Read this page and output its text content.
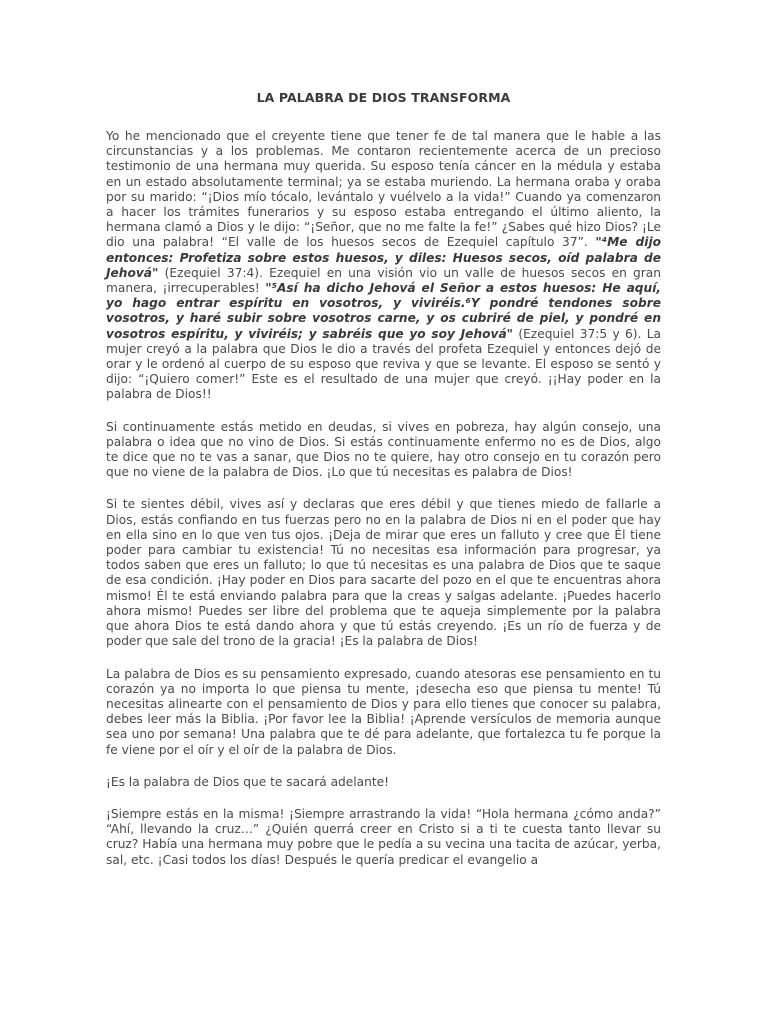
LA PALABRA DE DIOS TRANSFORMA

Yo he mencionado que el creyente tiene que tener fe de tal manera que le hable a las circunstancias y a los problemas. Me contaron recientemente acerca de un precioso testimonio de una hermana muy querida. Su esposo tenía cáncer en la médula y estaba en un estado absolutamente terminal; ya se estaba muriendo. La hermana oraba y oraba por su marido: “¡Dios mío tócalo, levántalo y vuélvelo a la vida!” Cuando ya comenzaron a hacer los trámites funerarios y su esposo estaba entregando el último aliento, la hermana clamó a Dios y le dijo: “¡Señor, que no me falte la fe!” ¿Sabes qué hizo Dios? ¡Le dio una palabra! “El valle de los huesos secos de Ezequiel capítulo 37”. "⁴Me dijo entonces: Profetiza sobre estos huesos, y diles: Huesos secos, oíd palabra de Jehová" (Ezequiel 37:4). Ezequiel en una visión vio un valle de huesos secos en gran manera, ¡irrecuperables! "⁵Así ha dicho Jehová el Señor a estos huesos: He aquí, yo hago entrar espíritu en vosotros, y viviréis.⁶Y pondré tendones sobre vosotros, y haré subir sobre vosotros carne, y os cubriré de piel, y pondré en vosotros espíritu, y viviréis; y sabréis que yo soy Jehová" (Ezequiel 37:5 y 6). La mujer creyó a la palabra que Dios le dio a través del profeta Ezequiel y entonces dejó de orar y le ordenó al cuerpo de su esposo que reviva y que se levante. El esposo se sentó y dijo: “¡Quiero comer!” Este es el resultado de una mujer que creyó. ¡¡Hay poder en la palabra de Dios!!

Si continuamente estás metido en deudas, si vives en pobreza, hay algún consejo, una palabra o idea que no vino de Dios. Si estás continuamente enfermo no es de Dios, algo te dice que no te vas a sanar, que Dios no te quiere, hay otro consejo en tu corazón pero que no viene de la palabra de Dios. ¡Lo que tú necesitas es palabra de Dios!

Si te sientes débil, vives así y declaras que eres débil y que tienes miedo de fallarle a Dios, estás confiando en tus fuerzas pero no en la palabra de Dios ni en el poder que hay en ella sino en lo que ven tus ojos. ¡Deja de mirar que eres un falluto y cree que Él tiene poder para cambiar tu existencia! Tú no necesitas esa información para progresar, ya todos saben que eres un falluto; lo que tú necesitas es una palabra de Dios que te saque de esa condición. ¡Hay poder en Dios para sacarte del pozo en el que te encuentras ahora mismo! Él te está enviando palabra para que la creas y salgas adelante. ¡Puedes hacerlo ahora mismo! Puedes ser libre del problema que te aqueja simplemente por la palabra que ahora Dios te está dando ahora y que tú estás creyendo. ¡Es un río de fuerza y de poder que sale del trono de la gracia! ¡Es la palabra de Dios!

La palabra de Dios es su pensamiento expresado, cuando atesoras ese pensamiento en tu corazón ya no importa lo que piensa tu mente, ¡desecha eso que piensa tu mente! Tú necesitas alinearte con el pensamiento de Dios y para ello tienes que conocer su palabra, debes leer más la Biblia. ¡Por favor lee la Biblia! ¡Aprende versículos de memoria aunque sea uno por semana! Una palabra que te dé para adelante, que fortalezca tu fe porque la fe viene por el oír y el oír de la palabra de Dios.

¡Es la palabra de Dios que te sacará adelante!

¡Siempre estás en la misma! ¡Siempre arrastrando la vida! “Hola hermana ¿cómo anda?” “Ahí, llevando la cruz…” ¿Quién querrá creer en Cristo si a ti te cuesta tanto llevar su cruz? Había una hermana muy pobre que le pedía a su vecina una tacita de azúcar, yerba, sal, etc. ¡Casi todos los días! Después le quería predicar el evangelio a
